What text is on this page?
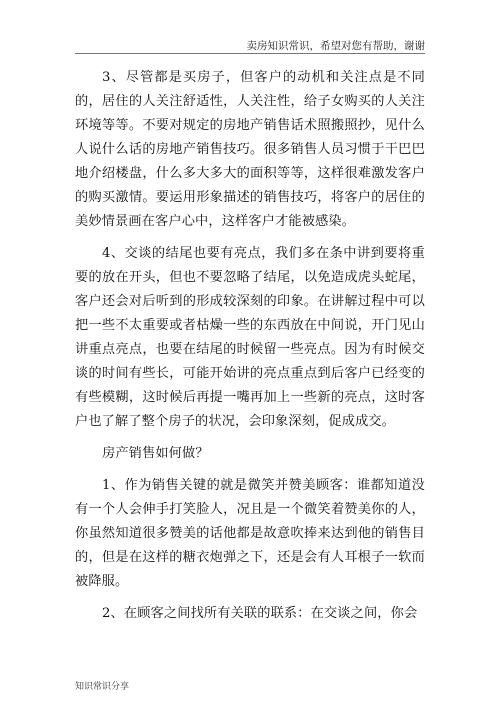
卖房知识常识，希望对您有帮助，谢谢

3、尽管都是买房子，但客户的动机和关注点是不同的，居住的人关注舒适性，人关注性，给子女购买的人关注环境等等。不要对规定的房地产销售话术照搬照抄，见什么人说什么话的房地产销售技巧。很多销售人员习惯于干巴巴地介绍楼盘，什么多大多大的面积等等，这样很难激发客户的购买激情。要运用形象描述的销售技巧，将客户的居住的美妙情景画在客户心中，这样客户才能被感染。

4、交谈的结尾也要有亮点，我们多在条中讲到要将重要的放在开头，但也不要忽略了结尾，以免造成虎头蛇尾，客户还会对后听到的形成较深刻的印象。在讲解过程中可以把一些不太重要或者枯燥一些的东西放在中间说，开门见山讲重点亮点，也要在结尾的时候留一些亮点。因为有时候交谈的时间有些长，可能开始讲的亮点重点到后客户已经变的有些模糊，这时候后再提一嘴再加上一些新的亮点，这时客户也了解了整个房子的状况，会印象深刻，促成成交。

房产销售如何做？

1、作为销售关键的就是微笑并赞美顾客：谁都知道没有一个人会伸手打笑脸人，况且是一个微笑着赞美你的人，你虽然知道很多赞美的话他都是故意吹捧来达到他的销售目的，但是在这样的糖衣炮弹之下，还是会有人耳根子一软而被降服。

2、在顾客之间找所有关联的联系：在交谈之间，你会

知识常识分享
